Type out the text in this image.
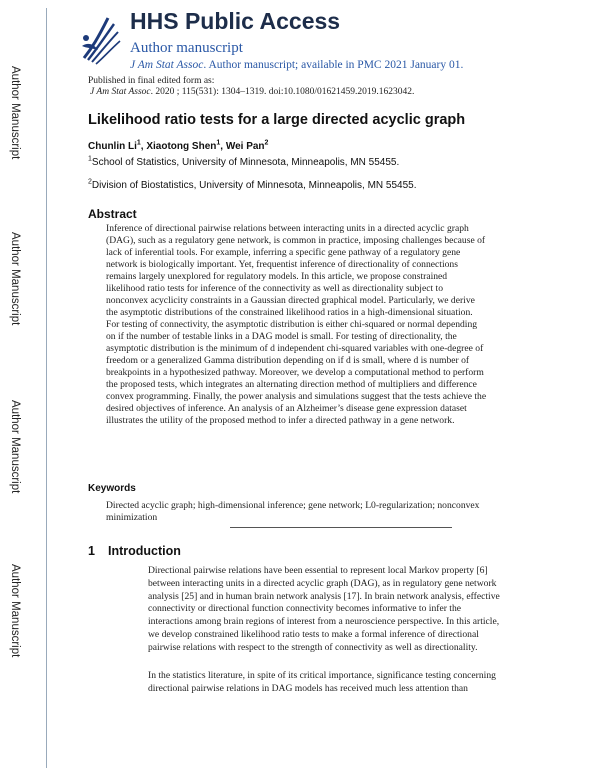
Author Manuscript
Author Manuscript
Author Manuscript
Author Manuscript
HHS Public Access
Author manuscript
J Am Stat Assoc. Author manuscript; available in PMC 2021 January 01.
Published in final edited form as:
J Am Stat Assoc. 2020 ; 115(531): 1304–1319. doi:10.1080/01621459.2019.1623042.
Likelihood ratio tests for a large directed acyclic graph
Chunlin Li$^1$, Xiaotong Shen$^1$, Wei Pan$^2$
$^1$School of Statistics, University of Minnesota, Minneapolis, MN 55455.
$^2$Division of Biostatistics, University of Minnesota, Minneapolis, MN 55455.
Abstract
Inference of directional pairwise relations between interacting units in a directed acyclic graph
(DAG), such as a regulatory gene network, is common in practice, imposing challenges because of
lack of inferential tools. For example, inferring a specific gene pathway of a regulatory gene
network is biologically important. Yet, frequentist inference of directionality of connections
remains largely unexplored for regulatory models. In this article, we propose constrained
likelihood ratio tests for inference of the connectivity as well as directionality subject to
nonconvex acyclicity constraints in a Gaussian directed graphical model. Particularly, we derive
the asymptotic distributions of the constrained likelihood ratios in a high-dimensional situation.
For testing of connectivity, the asymptotic distribution is either chi-squared or normal depending
on if the number of testable links in a DAG model is small. For testing of directionality, the
asymptotic distribution is the minimum of d independent chi-squared variables with one-degree of
freedom or a generalized Gamma distribution depending on if d is small, where d is number of
breakpoints in a hypothesized pathway. Moreover, we develop a computational method to perform
the proposed tests, which integrates an alternating direction method of multipliers and difference
convex programming. Finally, the power analysis and simulations suggest that the tests achieve the
desired objectives of inference. An analysis of an Alzheimer’s disease gene expression dataset
illustrates the utility of the proposed method to infer a directed pathway in a gene network.
Keywords
Directed acyclic graph; high-dimensional inference; gene network; L0-regularization; nonconvex
minimization
1 Introduction
Directional pairwise relations have been essential to represent local Markov property [6]
between interacting units in a directed acyclic graph (DAG), as in regulatory gene network
analysis [25] and in human brain network analysis [17]. In brain network analysis, effective
connectivity or directional function connectivity becomes informative to infer the
interactions among brain regions of interest from a neuroscience perspective. In this article,
we develop constrained likelihood ratio tests to make a formal inference of directional
pairwise relations with respect to the strength of connectivity as well as directionality.
In the statistics literature, in spite of its critical importance, significance testing concerning
directional pairwise relations in DAG models has received much less attention than
